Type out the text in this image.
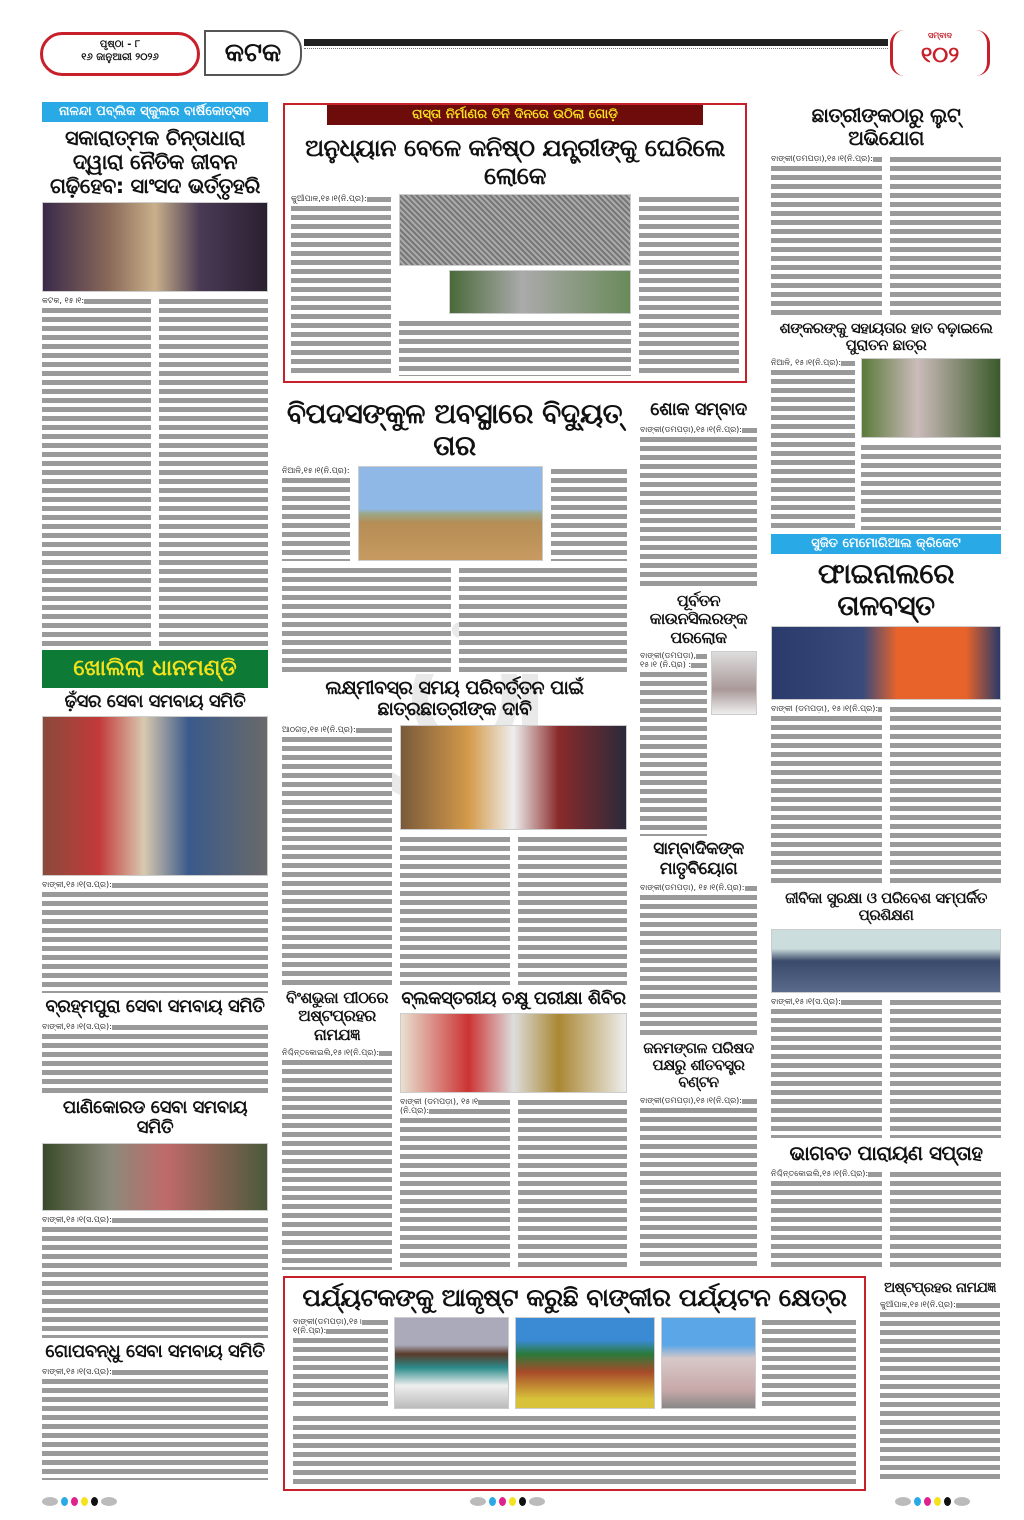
ପୃଷ୍ଠା - ୮
୧୬ ଜାନୁଆରୀ ୨୦୨୬	କଟକ
ସମ୍ବାଦ
୧୦୨
ନାଳନ୍ଦା ପବ୍ଲିକ ସ୍କୁଲର ବାର୍ଷିକୋତ୍ସବ
ସକାରାତ୍ମକ ଚିନ୍ତାଧାରା ଦ୍ୱାରା ନୈତିକ ଜୀବନ ଗଢ଼ିହେବ: ସାଂସଦ ଭର୍ତ୍ତୃହରି
କଟକ, ୧୫।୧:
ଖୋଲିଲା ଧାନମଣ୍ଡି
ଢ଼ଁସର ସେବା ସମବାୟ ସମିତି
ବାଙ୍କୀ,୧୫।୧(ସ.ପ୍ର):
ବ୍ରହ୍ମପୁରା ସେବା ସମବାୟ ସମିତି
ବାଙ୍କୀ,୧୫।୧(ସ.ପ୍ର):
ପାଣିକୋରଡ ସେବା ସମବାୟ ସମିତି
ବାଙ୍କୀ,୧୫।୧(ସ.ପ୍ର):
ଗୋପବନ୍ଧୁ ସେବା ସମବାୟ ସମିତି
ବାଙ୍କୀ,୧୫।୧(ସ.ପ୍ର):
ରାସ୍ତା ନିର୍ମାଣର ତିନି ଦିନରେ ଉଠିଲା ଗୋଡ଼ି
ଅନୁଧ୍ୟାନ ବେଳେ କନିଷ୍ଠ ଯନ୍ତ୍ରୀଙ୍କୁ ଘେରିଲେ ଲୋକେ
କୁଆଁପାଳ,୧୫।୧(ନି.ପ୍ର):
ବିପଦସଙ୍କୁଳ ଅବସ୍ଥାରେ ବିଦ୍ୟୁତ୍ ତାର
ନିଆଳି,୧୫।୧(ନି.ପ୍ର):
ଲକ୍ଷ୍ମୀବସ୍‌ର ସମୟ ପରିବର୍ତ୍ତନ ପାଇଁ ଛାତ୍ରଛାତ୍ରୀଙ୍କ ଦାବି
ଆଠଗଡ଼,୧୫।୧(ନି.ପ୍ର):
ବିଂଶଭୁଜା ପୀଠରେ ଅଷ୍ଟପ୍ରହର ନାମଯଜ୍ଞ
ନିଶ୍ଚିନ୍ତକୋଇଲି,୧୫।୧(ନି.ପ୍ର):
ବ୍ଲକସ୍ତରୀୟ ଚକ୍ଷୁ ପରୀକ୍ଷା ଶିବିର
ବାଙ୍କୀ (ଡମପଡ଼ା), ୧୫।୧ (ନି.ପ୍ର):
ଶୋକ ସମ୍ବାଦ
ବାଙ୍କୀ(ଡମପଡ଼ା),୧୫।୧(ନି.ପ୍ର):
ପୂର୍ବତନ କାଉନସିଲରଙ୍କ ପରଲୋକ
ବାଙ୍କୀ(ଡମପଡ଼ା), ୧୫।୧ (ନି.ପ୍ର) :
ସାମ୍ବାଦିକଙ୍କ ମାତୃବିୟୋଗ
ବାଙ୍କୀ(ଡମପଡ଼ା), ୧୫।୧(ନି.ପ୍ର):
ଜନମଙ୍ଗଳ ପରିଷଦ ପକ୍ଷରୁ ଶୀତବସ୍ତ୍ର ବଣ୍ଟନ
ବାଙ୍କୀ(ଡମପଡ଼ା),୧୫।୧(ନି.ପ୍ର):
ଛାତ୍ରୀଙ୍କଠାରୁ ଲୁଟ୍ ଅଭିଯୋଗ
ବାଙ୍କୀ(ଡମପଡ଼ା),୧୫।୧(ନି.ପ୍ର):
ଶଙ୍କରଙ୍କୁ ସହାୟତାର ହାତ ବଢ଼ାଇଲେ ପୁରାତନ ଛାତ୍ର
ନିଆଳି, ୧୫।୧(ନି.ପ୍ର):
ସୁଜିତ ମେମୋରିଆଲ କ୍ରିକେଟ
ଫାଇନାଲରେ ତାଳବସ୍ତ
ବାଙ୍କୀ (ଡମପଡ଼ା), ୧୫।୧(ନି.ପ୍ର):
ଜୀବିକା ସୁରକ୍ଷା ଓ ପରିବେଶ ସମ୍ପର୍କିତ ପ୍ରଶିକ୍ଷଣ
ବାଙ୍କୀ,୧୫।୧(ସ.ପ୍ର):
ଭାଗବତ ପାରାୟଣ ସପ୍ତାହ
ନିଶ୍ଚିନ୍ତକୋଇଲି,୧୫।୧(ନି.ପ୍ର):
ପର୍ଯ୍ୟଟକଙ୍କୁ ଆକୃଷ୍ଟ କରୁଛି ବାଙ୍କୀର ପର୍ଯ୍ୟଟନ କ୍ଷେତ୍ର
ବାଙ୍କୀ(ଡମପଡ଼ା),୧୫।୧(ନି.ପ୍ର):
ଅଷ୍ଟପ୍ରହର ନାମଯଜ୍ଞ
କୁଆଁପାଳ,୧୫।୧(ନି.ପ୍ର):
